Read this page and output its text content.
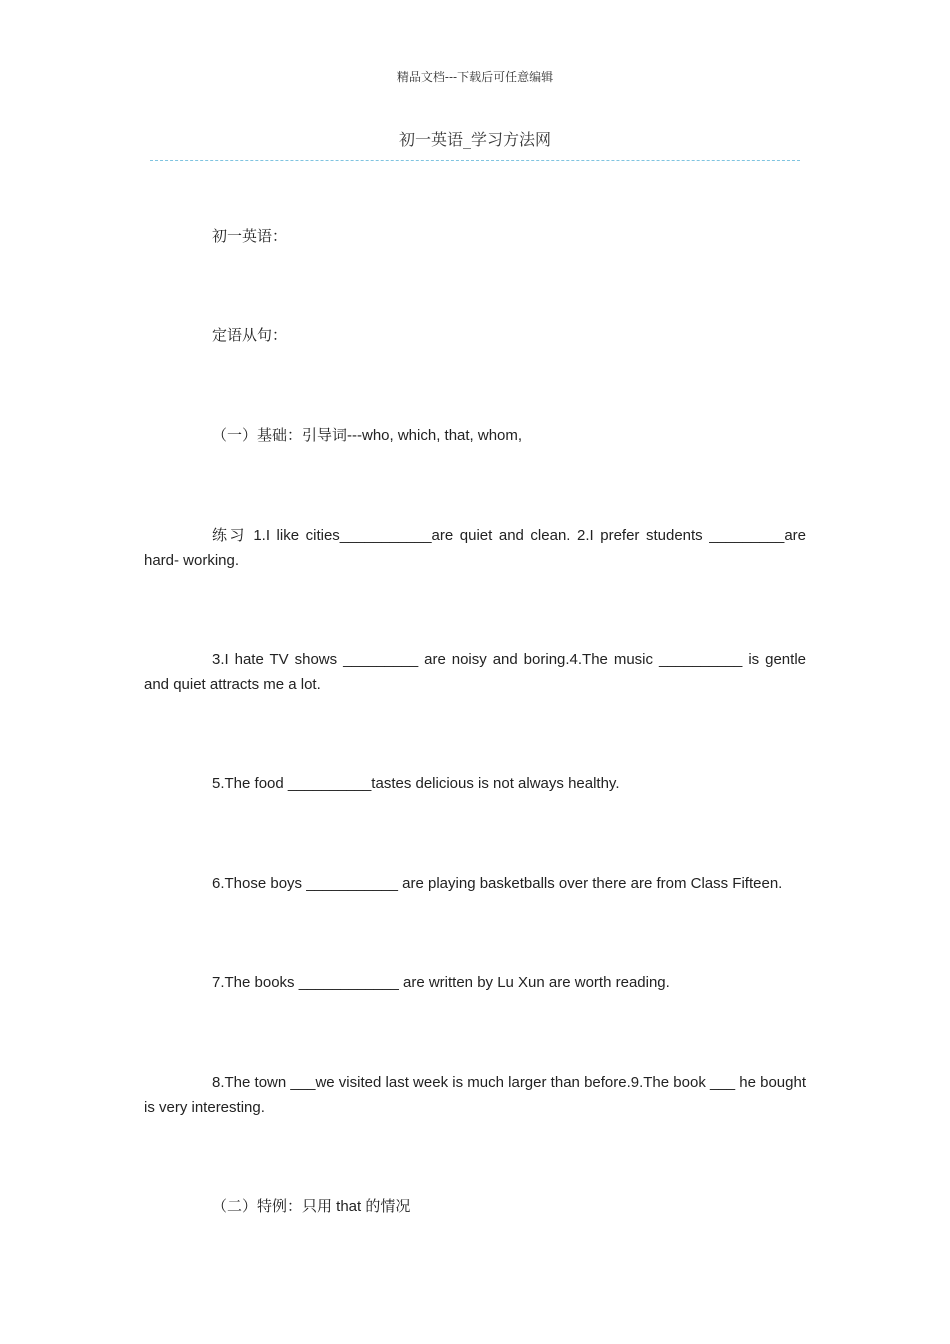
精品文档---下载后可任意编辑
初一英语_学习方法网
初一英语：
定语从句：
（一）基础：引导词---who, which, that, whom,
练习 1.I like cities___________are quiet and clean. 2.I prefer students _________are hard- working.
3.I hate TV shows _________ are noisy and boring.4.The music __________ is gentle and quiet attracts me a lot.
5.The food __________tastes delicious is not always healthy.
6.Those boys ___________ are playing basketballs over there are from Class Fifteen.
7.The books ____________ are written by Lu Xun are worth reading.
8.The town ___we visited last week is much larger than before.9.The book ___ he bought is very interesting.
（二）特例：只用 that 的情况
